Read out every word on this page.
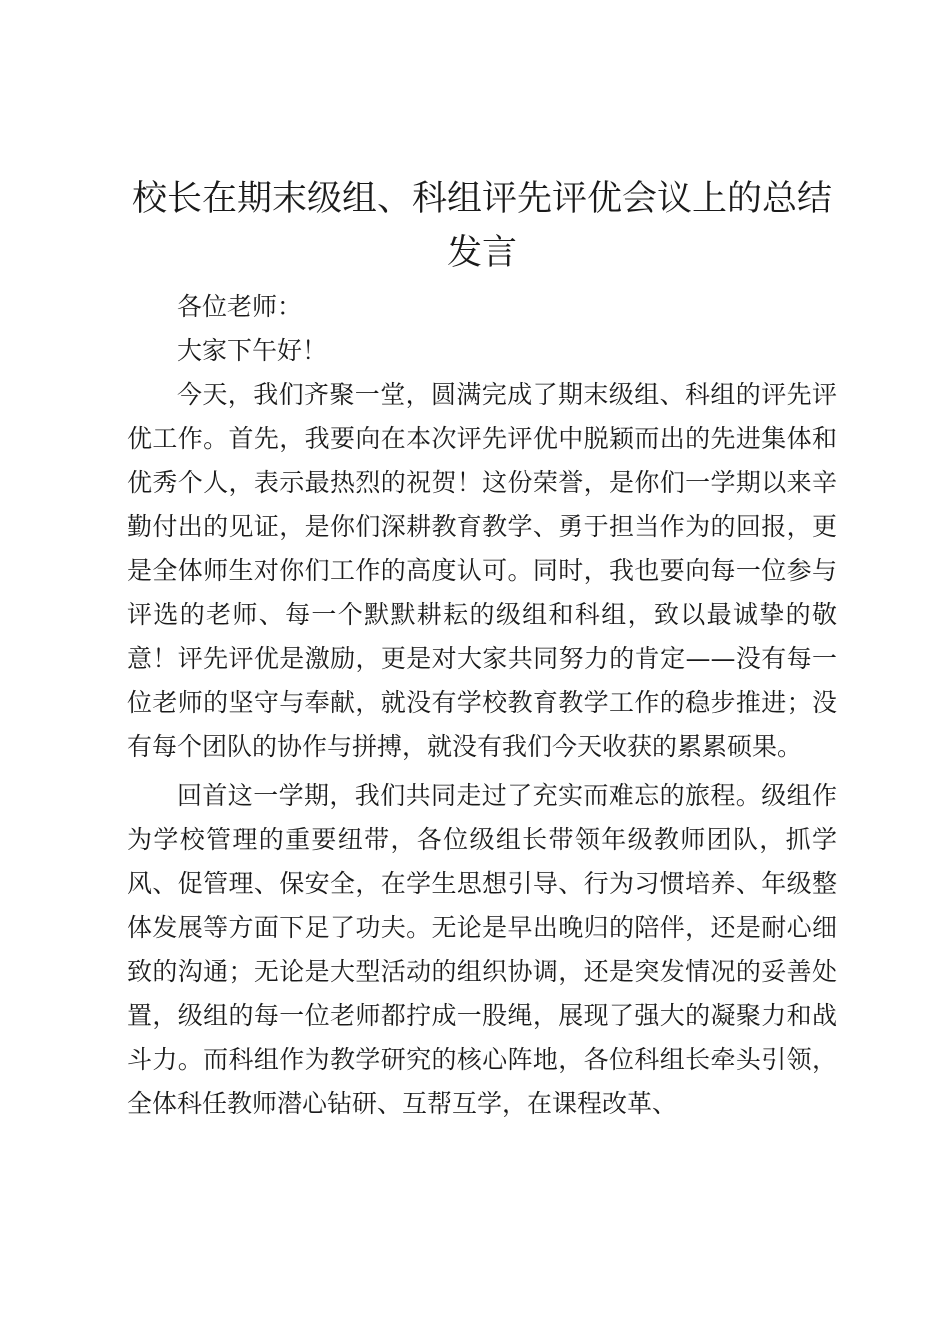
校长在期末级组、科组评先评优会议上的总结发言

各位老师：

大家下午好！

今天，我们齐聚一堂，圆满完成了期末级组、科组的评先评优工作。首先，我要向在本次评先评优中脱颖而出的先进集体和优秀个人，表示最热烈的祝贺！这份荣誉，是你们一学期以来辛勤付出的见证，是你们深耕教育教学、勇于担当作为的回报，更是全体师生对你们工作的高度认可。同时，我也要向每一位参与评选的老师、每一个默默耕耘的级组和科组，致以最诚挚的敬意！评先评优是激励，更是对大家共同努力的肯定——没有每一位老师的坚守与奉献，就没有学校教育教学工作的稳步推进；没有每个团队的协作与拼搏，就没有我们今天收获的累累硕果。

回首这一学期，我们共同走过了充实而难忘的旅程。级组作为学校管理的重要纽带，各位级组长带领年级教师团队，抓学风、促管理、保安全，在学生思想引导、行为习惯培养、年级整体发展等方面下足了功夫。无论是早出晚归的陪伴，还是耐心细致的沟通；无论是大型活动的组织协调，还是突发情况的妥善处置，级组的每一位老师都拧成一股绳，展现了强大的凝聚力和战斗力。而科组作为教学研究的核心阵地，各位科组长牵头引领，全体科任教师潜心钻研、互帮互学，在课程改革、
